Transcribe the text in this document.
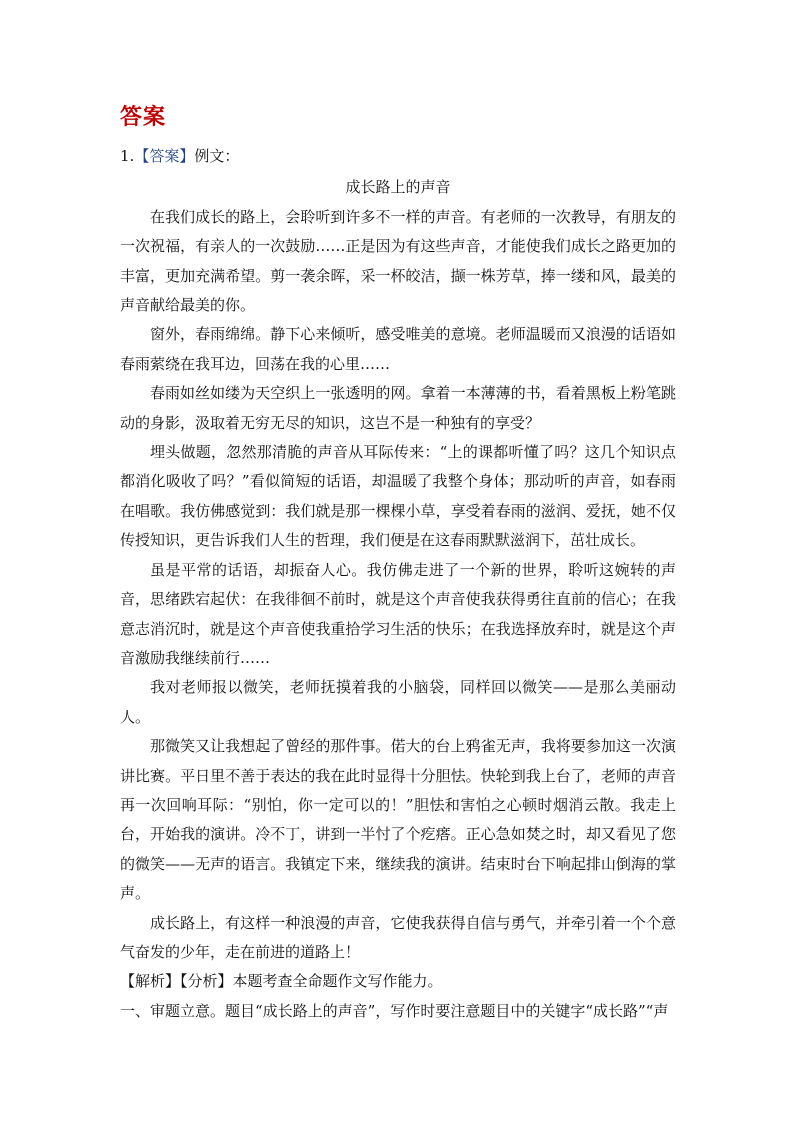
答案

1.【答案】例文：

成长路上的声音

在我们成长的路上，会聆听到许多不一样的声音。有老师的一次教导，有朋友的一次祝福，有亲人的一次鼓励……正是因为有这些声音，才能使我们成长之路更加的丰富，更加充满希望。剪一袭余晖，采一杯皎洁，撷一株芳草，捧一缕和风，最美的声音献给最美的你。

窗外，春雨绵绵。静下心来倾听，感受唯美的意境。老师温暖而又浪漫的话语如春雨萦绕在我耳边，回荡在我的心里……

春雨如丝如缕为天空织上一张透明的网。拿着一本薄薄的书，看着黑板上粉笔跳动的身影，汲取着无穷无尽的知识，这岂不是一种独有的享受？

埋头做题，忽然那清脆的声音从耳际传来：“上的课都听懂了吗？这几个知识点都消化吸收了吗？”看似简短的话语，却温暖了我整个身体；那动听的声音，如春雨在唱歌。我仿佛感觉到：我们就是那一棵棵小草，享受着春雨的滋润、爱抚，她不仅传授知识，更告诉我们人生的哲理，我们便是在这春雨默默滋润下，茁壮成长。

虽是平常的话语，却振奋人心。我仿佛走进了一个新的世界，聆听这婉转的声音，思绪跌宕起伏：在我徘徊不前时，就是这个声音使我获得勇往直前的信心；在我意志消沉时，就是这个声音使我重拾学习生活的快乐；在我选择放弃时，就是这个声音激励我继续前行……

我对老师报以微笑，老师抚摸着我的小脑袋，同样回以微笑——是那么美丽动人。

那微笑又让我想起了曾经的那件事。偌大的台上鸦雀无声，我将要参加这一次演讲比赛。平日里不善于表达的我在此时显得十分胆怯。快轮到我上台了，老师的声音再一次回响耳际：“别怕，你一定可以的！”胆怯和害怕之心顿时烟消云散。我走上台，开始我的演讲。冷不丁，讲到一半忖了个疙瘩。正心急如焚之时，却又看见了您的微笑——无声的语言。我镇定下来，继续我的演讲。结束时台下响起排山倒海的掌声。

成长路上，有这样一种浪漫的声音，它使我获得自信与勇气，并牵引着一个个意气奋发的少年，走在前进的道路上！

【解析】【分析】本题考查全命题作文写作能力。

一、审题立意。题目“成长路上的声音”，写作时要注意题目中的关键字“成长路”“声
